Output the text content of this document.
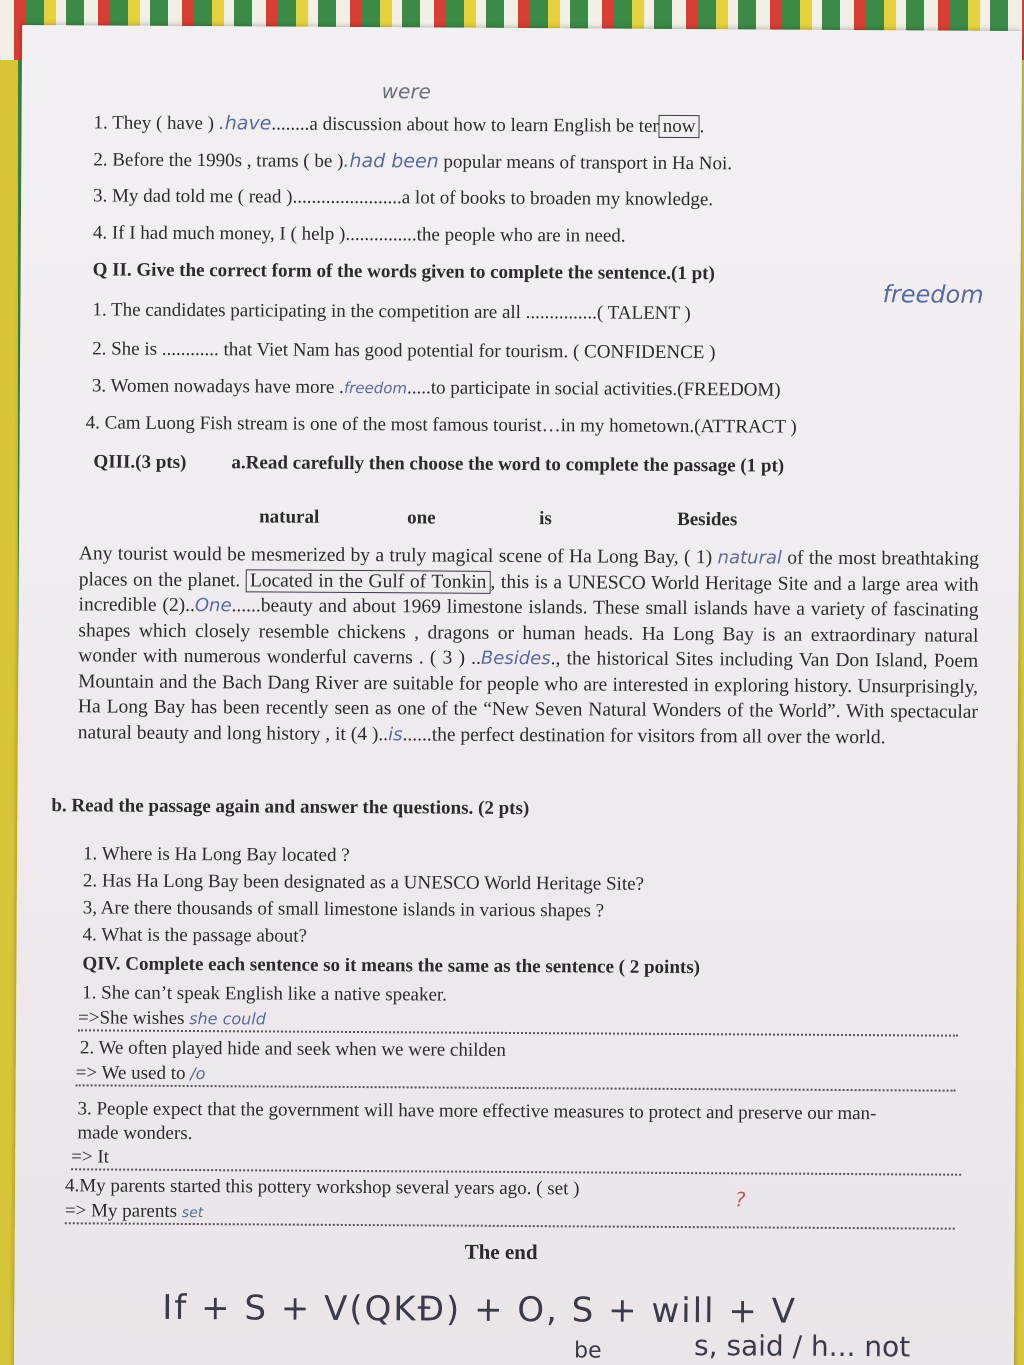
were
1. They ( have ) .have........a discussion about how to learn English be ter now .
2. Before the 1990s , trams ( be ).had been popular means of transport in Ha Noi.
3. My dad told me ( read ).......................a lot of books to broaden my knowledge.
4. If I had much money, I ( help )...............the people who are in need.
Q II. Give the correct form of the words given to complete the sentence.(1 pt)
freedom
1. The candidates participating in the competition are all ...............( TALENT )
2. She is ............ that Viet Nam has good potential for tourism. ( CONFIDENCE )
3. Women nowadays have more .freedom.....to participate in social activities.(FREEDOM)
4. Cam Luong Fish stream is one of the most famous tourist…in my hometown.(ATTRACT )
QIII.(3 pts) a.Read carefully then choose the word to complete the passage (1 pt)
natural	one	is	Besides
Any tourist would be mesmerized by a truly magical scene of Ha Long Bay, ( 1) natural of the most breathtaking places on the planet. Located in the Gulf of Tonkin , this is a UNESCO World Heritage Site and a large area with incredible (2)..One......beauty and about 1969 limestone islands. These small islands have a variety of fascinating shapes which closely resemble chickens , dragons or human heads. Ha Long Bay is an extraordinary natural wonder with numerous wonderful caverns . ( 3 ) ..Besides., the historical Sites including Van Don Island, Poem Mountain and the Bach Dang River are suitable for people who are interested in exploring history. Unsurprisingly, Ha Long Bay has been recently seen as one of the “New Seven Natural Wonders of the World”. With spectacular natural beauty and long history , it (4 )..is......the perfect destination for visitors from all over the world.
b. Read the passage again and answer the questions. (2 pts)
1. Where is Ha Long Bay located ?
2. Has Ha Long Bay been designated as a UNESCO World Heritage Site?
3, Are there thousands of small limestone islands in various shapes ?
4. What is the passage about?
QIV. Complete each sentence so it means the same as the sentence ( 2 points)
1. She can’t speak English like a native speaker.
=>She wishes she could
2. We often played hide and seek when we were childen
=> We used to /o
3. People expect that the government will have more effective measures to protect and preserve our man-made wonders.
=> It
4.My parents started this pottery workshop several years ago. ( set )	?
=> My parents set
The end
If + S + V(QKĐ) + O, S + will + V
be	s, said / h... not
